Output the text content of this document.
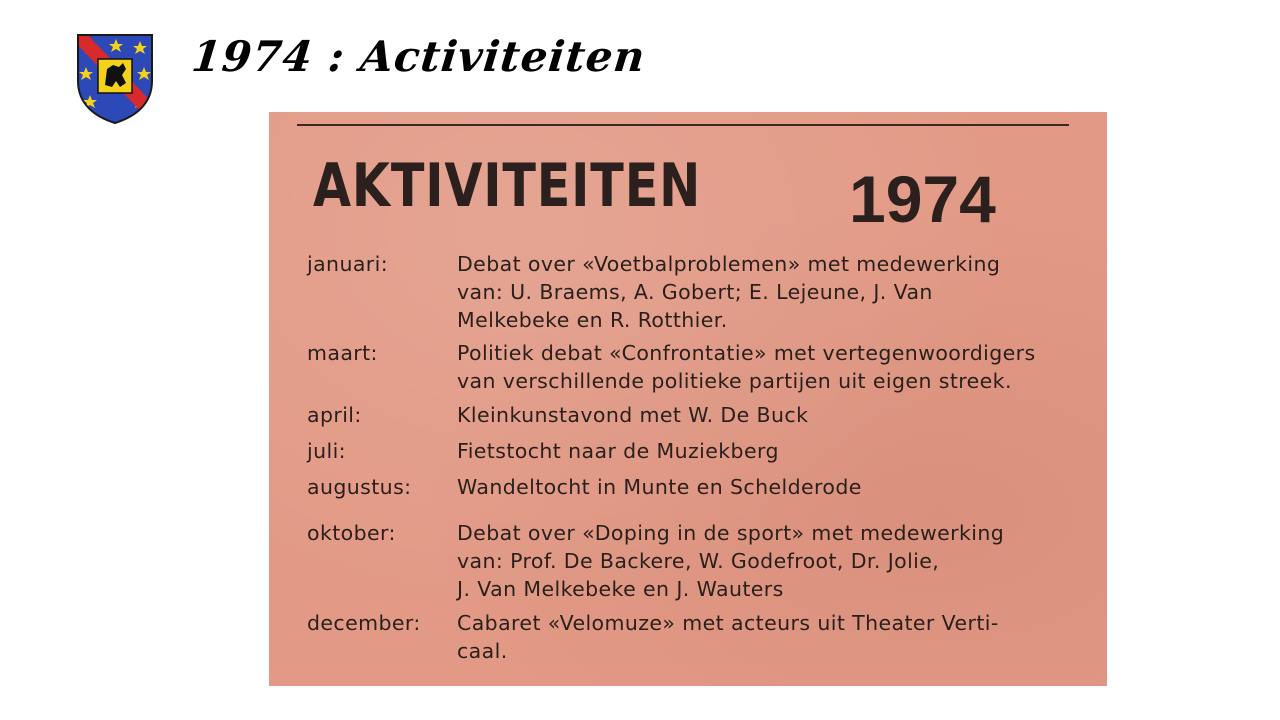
1974 : Activiteiten
AKTIVITEITEN 1974
januari:	Debat over «Voetbalproblemen» met medewerking
van: U. Braems, A. Gobert; E. Lejeune, J. Van
Melkebeke en R. Rotthier.
maart:	Politiek debat «Confrontatie» met vertegenwoordigers
van verschillende politieke partijen uit eigen streek.
april:	Kleinkunstavond met W. De Buck
juli:	Fietstocht naar de Muziekberg
augustus:	Wandeltocht in Munte en Schelderode
oktober:	Debat over «Doping in de sport» met medewerking
van: Prof. De Backere, W. Godefroot, Dr. Jolie,
J. Van Melkebeke en J. Wauters
december:	Cabaret «Velomuze» met acteurs uit Theater Verti-
caal.
